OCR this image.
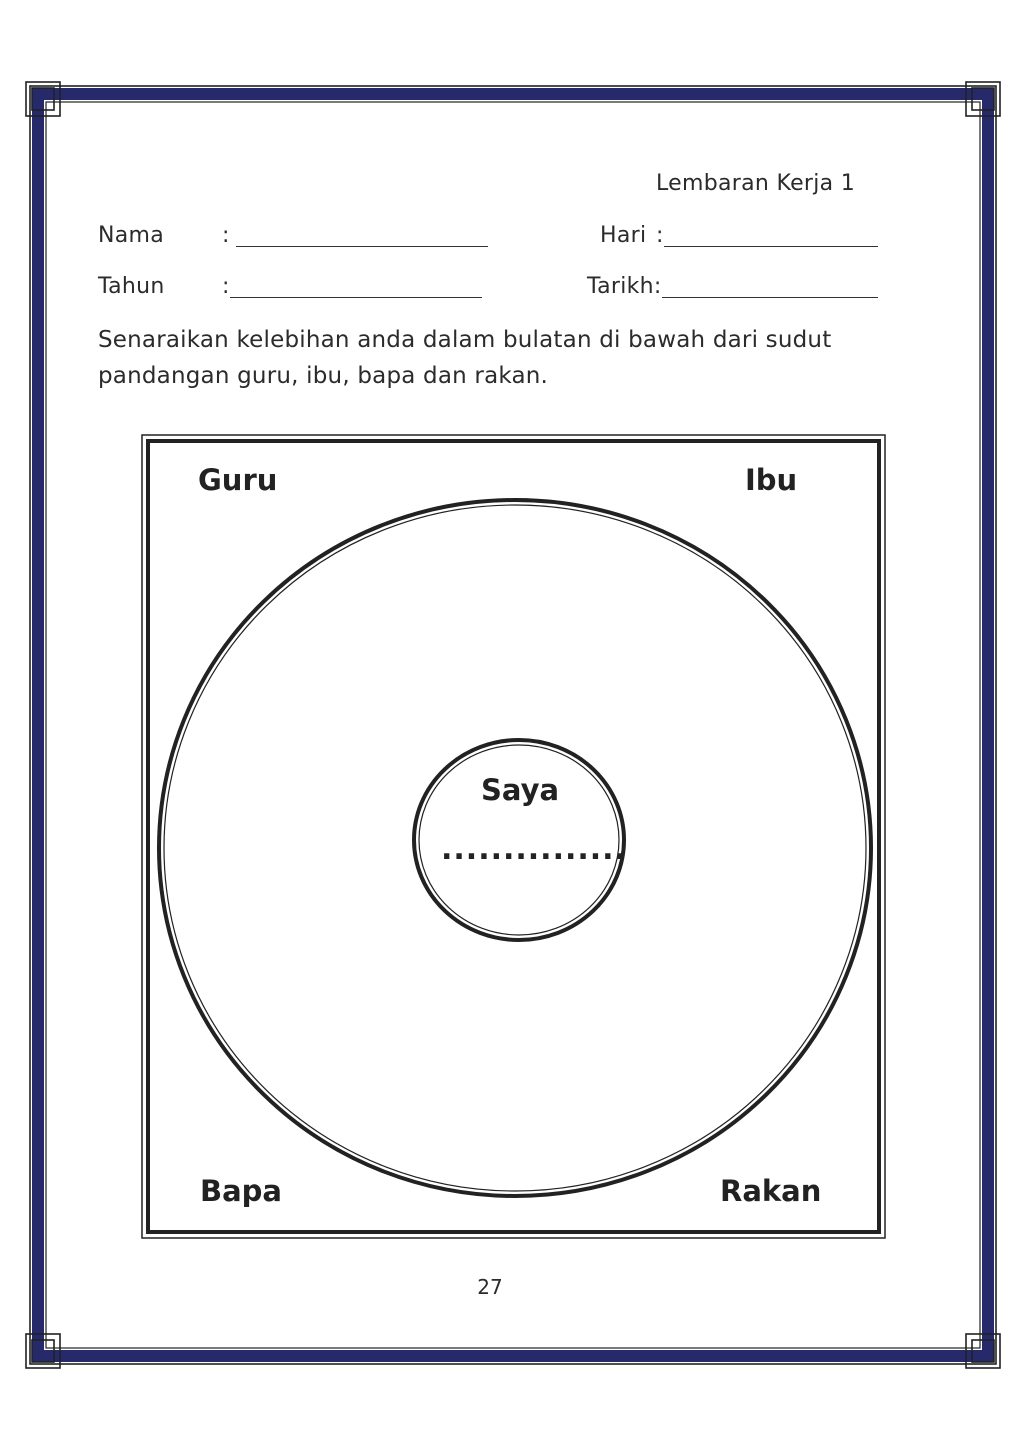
Lembaran Kerja 1
Nama	:	Hari :
Tahun	:	Tarikh:
Senaraikan kelebihan anda dalam bulatan di bawah dari sudut pandangan guru, ibu, bapa dan rakan.
Guru	Ibu
Bapa	Rakan
Saya
...............
27
